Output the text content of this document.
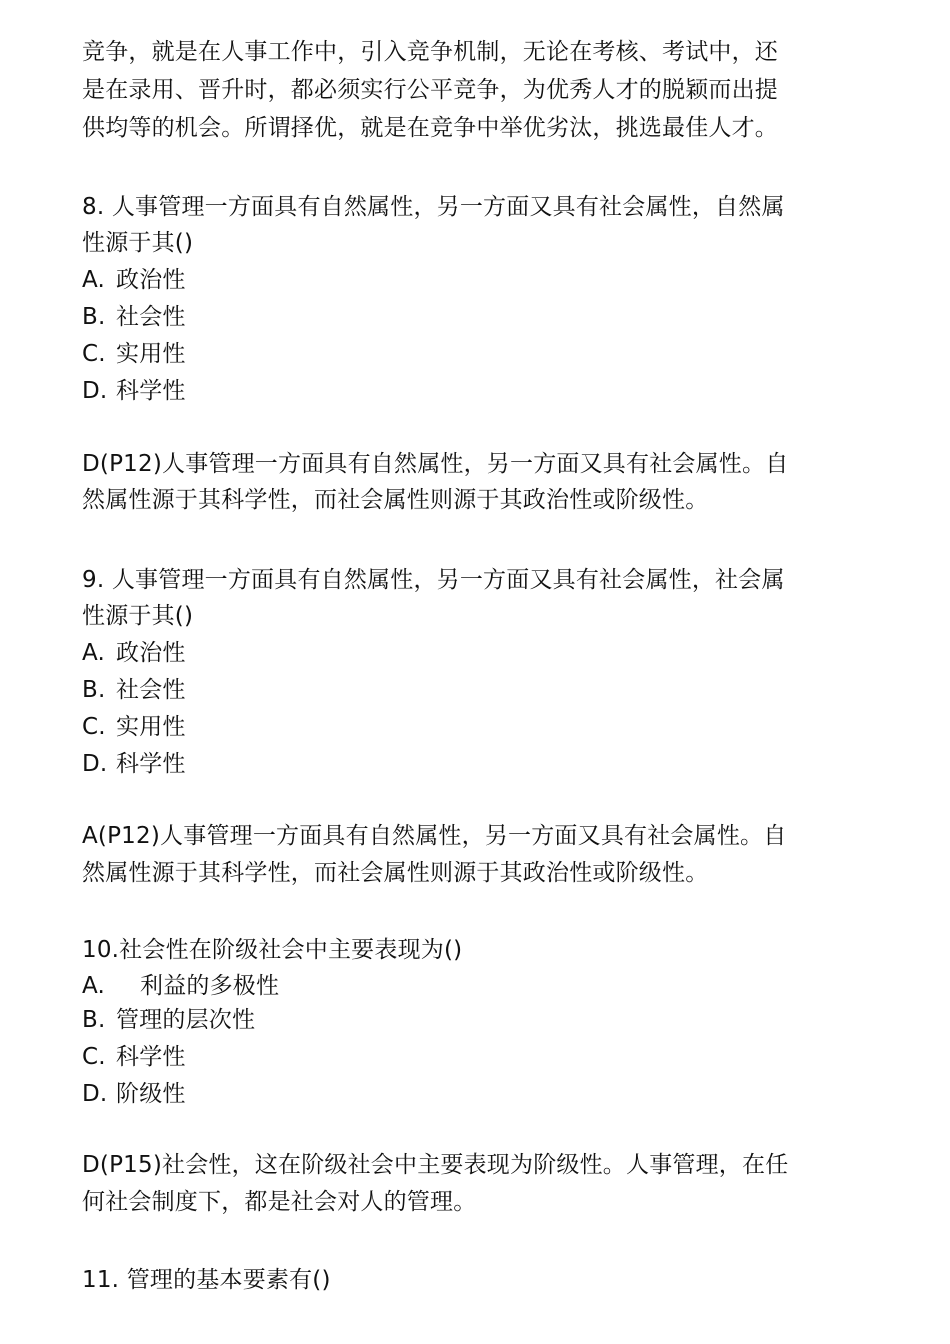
竞争，就是在人事工作中，引入竞争机制，无论在考核、考试中，还
是在录用、晋升时，都必须实行公平竞争，为优秀人才的脱颖而出提
供均等的机会。所谓择优，就是在竞争中举优劣汰，挑选最佳人才。
8. 人事管理一方面具有自然属性，另一方面又具有社会属性，自然属
性源于其()
A. 政治性
B. 社会性
C. 实用性
D. 科学性
D(P12)人事管理一方面具有自然属性，另一方面又具有社会属性。自
然属性源于其科学性，而社会属性则源于其政治性或阶级性。
9. 人事管理一方面具有自然属性，另一方面又具有社会属性，社会属
性源于其()
A. 政治性
B. 社会性
C. 实用性
D. 科学性
A(P12)人事管理一方面具有自然属性，另一方面又具有社会属性。自
然属性源于其科学性，而社会属性则源于其政治性或阶级性。
10.社会性在阶级社会中主要表现为()
A. 利益的多极性
B. 管理的层次性
C. 科学性
D. 阶级性
D(P15)社会性，这在阶级社会中主要表现为阶级性。人事管理，在任
何社会制度下，都是社会对人的管理。
11. 管理的基本要素有()
